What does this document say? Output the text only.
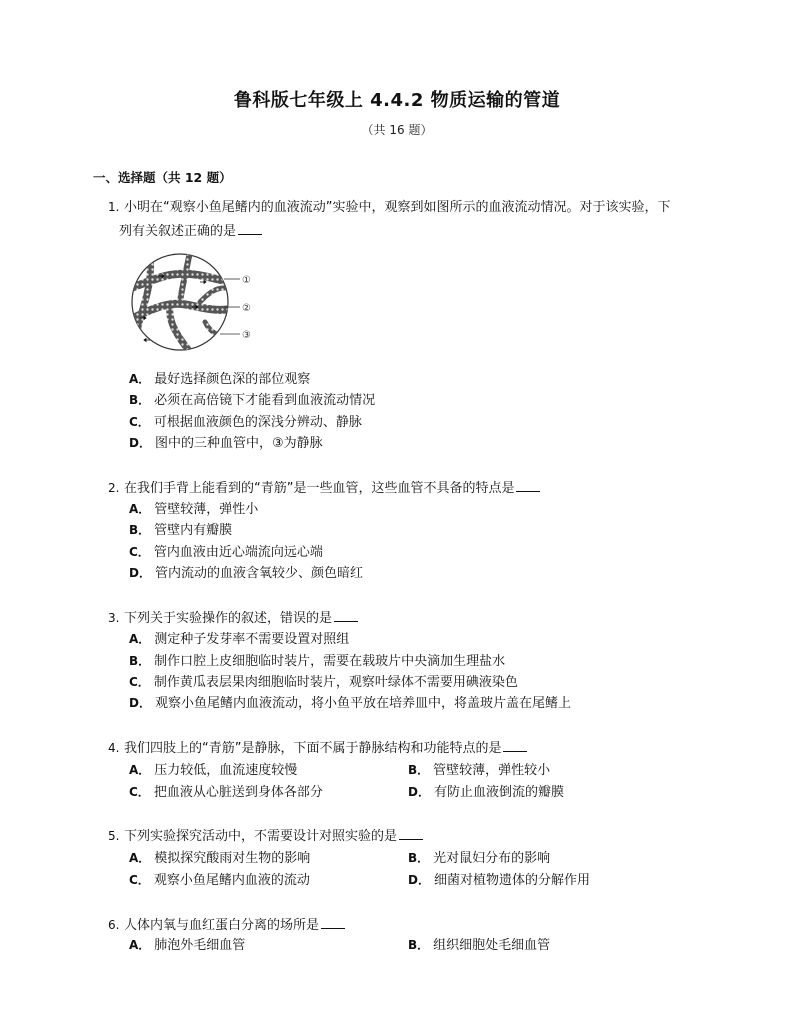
鲁科版七年级上 4.4.2 物质运输的管道
（共 16 题）
一、选择题（共 12 题）
1. 小明在“观察小鱼尾鳍内的血液流动”实验中，观察到如图所示的血液流动情况。对于该实验，下
列有关叙述正确的是
①
②
③
A． 最好选择颜色深的部位观察
B． 必须在高倍镜下才能看到血液流动情况
C． 可根据血液颜色的深浅分辨动、静脉
D． 图中的三种血管中，③为静脉
2. 在我们手背上能看到的“青筋”是一些血管，这些血管不具备的特点是
A． 管壁较薄，弹性小
B． 管壁内有瓣膜
C． 管内血液由近心端流向远心端
D． 管内流动的血液含氧较少、颜色暗红
3. 下列关于实验操作的叙述，错误的是
A． 测定种子发芽率不需要设置对照组
B． 制作口腔上皮细胞临时装片，需要在载玻片中央滴加生理盐水
C． 制作黄瓜表层果肉细胞临时装片，观察叶绿体不需要用碘液染色
D． 观察小鱼尾鳍内血液流动，将小鱼平放在培养皿中，将盖玻片盖在尾鳍上
4. 我们四肢上的“青筋”是静脉，下面不属于静脉结构和功能特点的是
A． 压力较低，血流速度较慢	B． 管壁较薄，弹性较小
C． 把血液从心脏送到身体各部分	D． 有防止血液倒流的瓣膜
5. 下列实验探究活动中，不需要设计对照实验的是
A． 模拟探究酸雨对生物的影响	B． 光对鼠妇分布的影响
C． 观察小鱼尾鳍内血液的流动	D． 细菌对植物遗体的分解作用
6. 人体内氧与血红蛋白分离的场所是
A． 肺泡外毛细血管	B． 组织细胞处毛细血管
